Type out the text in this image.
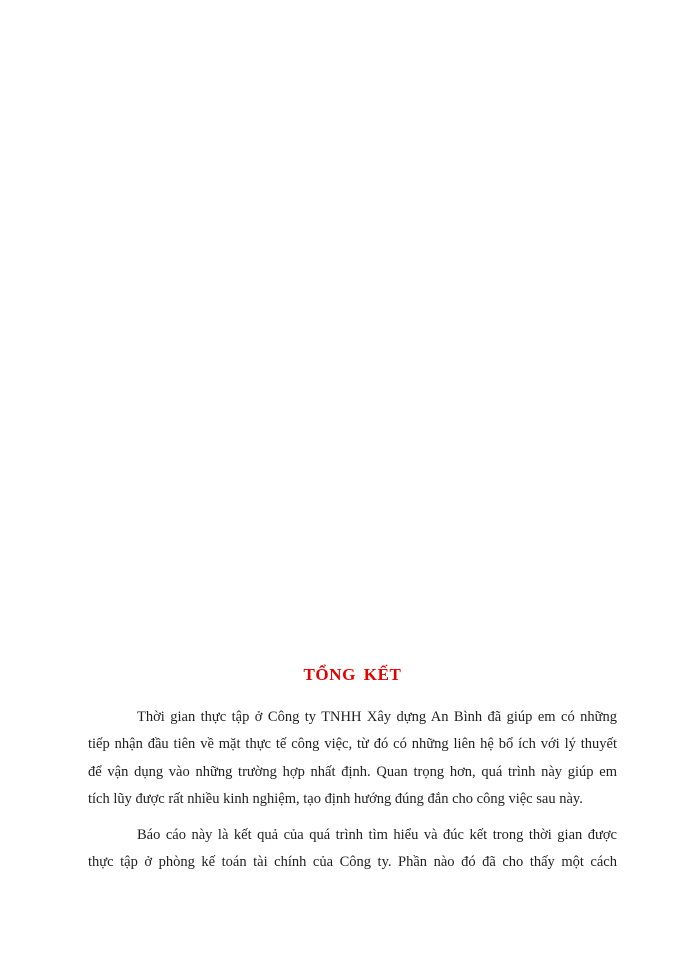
TỔNG KẾT
Thời gian thực tập ở Công ty TNHH Xây dựng An Bình đã giúp em có những
tiếp nhận đầu tiên về mặt thực tế công việc, từ đó có những liên hệ bổ ích với lý thuyết
để vận dụng vào những trường hợp nhất định. Quan trọng hơn, quá trình này giúp em
tích lũy được rất nhiều kinh nghiệm, tạo định hướng đúng đắn cho công việc sau này.
Báo cáo này là kết quả của quá trình tìm hiểu và đúc kết trong thời gian được
thực tập ở phòng kế toán tài chính của Công ty. Phần nào đó đã cho thấy một cách
